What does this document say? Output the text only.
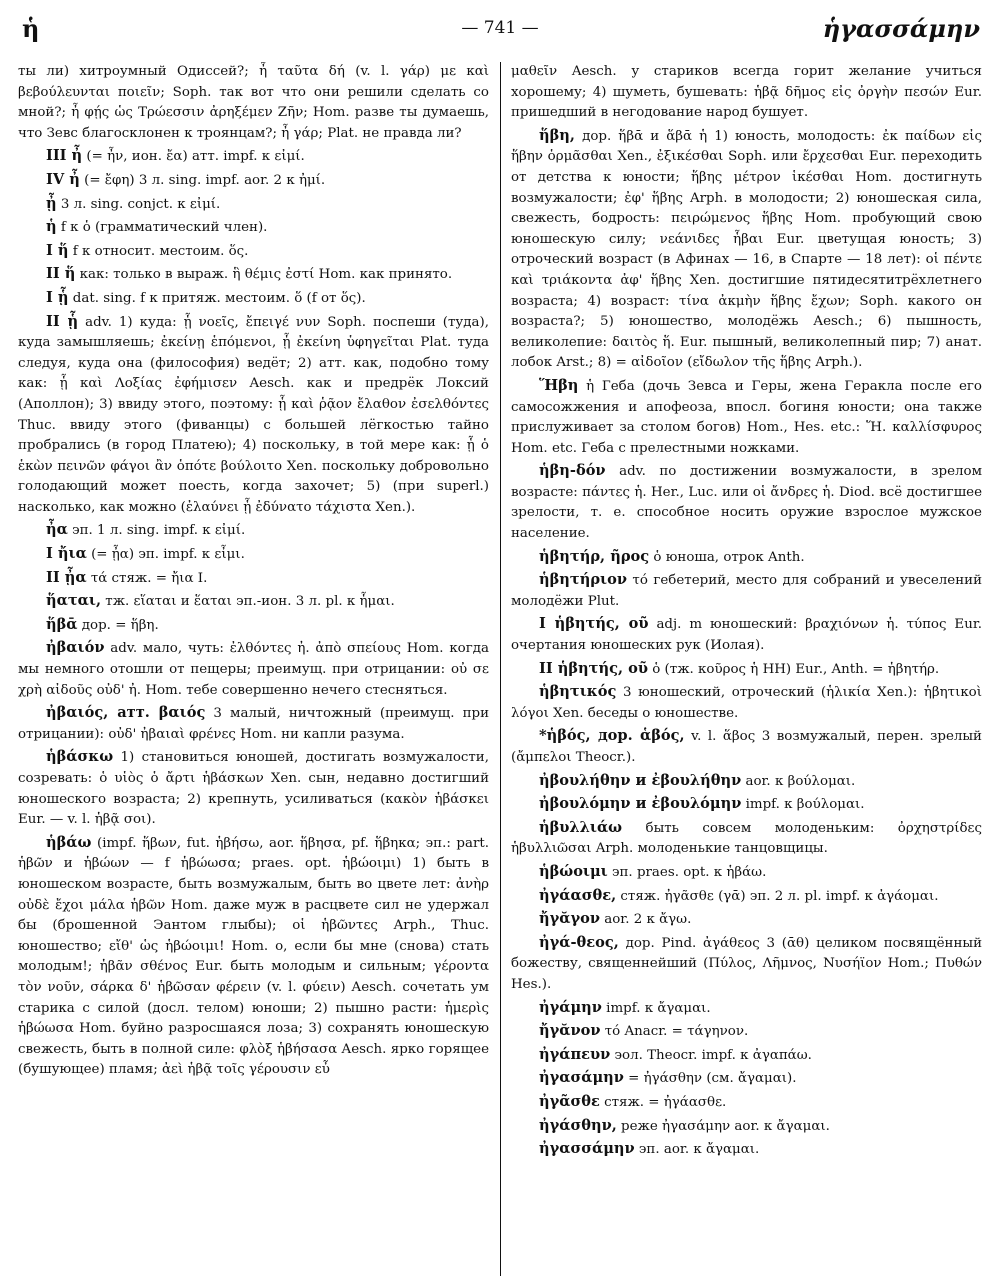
ἡ	— 741 —	ἡγασσάμην

ты ли) хитроумный Одиссей?; ἦ ταῦτα δή (v. l. γάρ) με καὶ βεβούλευνται ποιεῖν; Soph. так вот что они решили сделать со мной?; ἦ φῄς ὡς Τρώεσσιν ἀρηξέμεν Ζῆν; Hom. разве ты думаешь, что Зевс благосклонен к троянцам?; ἦ γάρ; Plat. не правда ли?

III ἦ (= ἦν, ион. ἔα) атт. impf. к εἰμί.

IV ἦ (= ἔφη) 3 л. sing. impf. aor. 2 к ἠμί.

ᾖ 3 л. sing. conjct. к εἰμί.

ἡ f к ὁ (грамматический член).

I ἥ f к относит. местоим. ὅς.

II ἥ как: только в выраж. ἣ θέμις ἐστί Hom. как принято.

I ᾗ dat. sing. f к притяж. местоим. ὅ (f от ὅς).

II ᾗ adv. 1) куда: ᾗ νοεῖς, ἔπειγέ νυν Soph. поспеши (туда), куда замышляешь; ἐκείνῃ ἑπόμενοι, ᾗ ἐκείνη ὑφηγεῖται Plat. туда следуя, куда она (философия) ведёт; 2) атт. как, подобно тому как: ᾗ καὶ Λοξίας ἐφήμισεν Aesch. как и предрёк Локсий (Аполлон); 3) ввиду этого, поэтому: ᾗ καὶ ῥᾷον ἔλαθον ἐσελθόντες Thuc. ввиду этого (фиванцы) с большей лёгкостью тайно пробрались (в город Платею); 4) поскольку, в той мере как: ᾗ ὁ ἑκὼν πεινῶν φάγοι ἂν ὁπότε βούλοιτο Xen. поскольку добровольно голодающий может поесть, когда захочет; 5) (при superl.) насколько, как можно (ἐλαύνει ᾗ ἐδύνατο τάχιστα Xen.).

ἦα эп. 1 л. sing. impf. к εἰμί.

I ἤια (= ᾖα) эп. impf. к εἶμι.

II ᾖα τά стяж. = ἤια I.

ἥαται, тж. εἵαται и ἕαται эп.-ион. 3 л. pl. к ἧμαι.

ἥβᾱ дор. = ἥβη.

ἠβαιόν adv. мало, чуть: ἐλθόντες ἠ. ἀπὸ σπείους Hom. когда мы немного отошли от пещеры; преимущ. при отрицании: οὐ σε χρὴ αἰδοῦς οὐδ' ἠ. Hom. тебе совершенно нечего стесняться.

ἠβαιός, атт. βαιός 3 малый, ничтожный (преимущ. при отрицании): οὐδ' ἠβαιαὶ φρένες Hom. ни капли разума.

ἡβάσκω 1) становиться юношей, достигать возмужалости, созревать: ὁ υἱὸς ὁ ἄρτι ἡβάσκων Xen. сын, недавно достигший юношеского возраста; 2) крепнуть, усиливаться (κακὸν ἡβάσκει Eur. — v. l. ἡβᾷ σοι).

ἡβάω (impf. ἥβων, fut. ἡβήσω, aor. ἥβησα, pf. ἥβηκα; эп.: part. ἡβῶν и ἡβώων — f ἡβώωσα; praes. opt. ἡβώοιμι) 1) быть в юношеском возрасте, быть возмужалым, быть во цвете лет: ἀνὴρ οὐδὲ ἔχοι μάλα ἡβῶν Hom. даже муж в расцвете сил не удержал бы (брошенной Эантом глыбы); οἱ ἡβῶντες Arph., Thuc. юношество; εἴθ' ὡς ἡβώοιμι! Hom. о, если бы мне (снова) стать молодым!; ἡβᾶν σθένος Eur. быть молодым и сильным; γέροντα τὸν νοῦν, σάρκα δ' ἡβῶσαν φέρειν (v. l. φύειν) Aesch. сочетать ум старика с силой (досл. телом) юноши; 2) пышно расти: ἡμερὶς ἡβώωσα Hom. буйно разросшаяся лоза; 3) сохранять юношескую свежесть, быть в полной силе: φλὸξ ἡβήσασα Aesch. ярко горящее (бушующее) пламя; ἀεὶ ἡβᾷ τοῖς γέρουσιν εὖ

μαθεῖν Aesch. у стариков всегда горит желание учиться хорошему; 4) шуметь, бушевать: ἡβᾷ δῆμος εἰς ὀργὴν πεσών Eur. пришедший в негодование народ бушует.

ἥβη, дор. ἥβᾱ и ἅβᾱ ἡ 1) юность, молодость: ἐκ παίδων εἰς ἥβην ὁρμᾶσθαι Xen., ἐξικέσθαι Soph. или ἔρχεσθαι Eur. переходить от детства к юности; ἥβης μέτρον ἱκέσθαι Hom. достигнуть возмужалости; ἐφ' ἥβης Arph. в молодости; 2) юношеская сила, свежесть, бодрость: πειρώμενος ἥβης Hom. пробующий свою юношескую силу; νεάνιδες ἧβαι Eur. цветущая юность; 3) отроческий возраст (в Афинах — 16, в Спарте — 18 лет): οἱ πέντε καὶ τριάκοντα ἀφ' ἥβης Xen. достигшие пятидесятитрёхлетнего возраста; 4) возраст: τίνα ἀκμὴν ἥβης ἔχων; Soph. какого он возраста?; 5) юношество, молодёжь Aesch.; 6) пышность, великолепие: δαιτὸς ἥ. Eur. пышный, великолепный пир; 7) анат. лобок Arst.; 8) = αἰδοῖον (εἴδωλον τῆς ἥβης Arph.).

Ἥβη ἡ Геба (дочь Зевса и Геры, жена Геракла после его самосожжения и апофеоза, впосл. богиня юности; она также прислуживает за столом богов) Hom., Hes. etc.: Ἥ. καλλίσφυρος Hom. etc. Геба с прелестными ножками.

ἡβη-δόν adv. по достижении возмужалости, в зрелом возрасте: πάντες ἡ. Her., Luc. или οἱ ἄνδρες ἡ. Diod. всё достигшее зрелости, т. е. способное носить оружие взрослое мужское население.

ἡβητήρ, ῆρος ὁ юноша, отрок Anth.

ἡβητήριον τό гебетерий, место для собраний и увеселений молодёжи Plut.

I ἡβητής, οῦ adj. m юношеский: βραχιόνων ἡ. τύπος Eur. очертания юношеских рук (Иолая).

II ἡβητής, οῦ ὁ (тж. κοῦρος ἡ HH) Eur., Anth. = ἡβητήρ.

ἡβητικός 3 юношеский, отроческий (ἡλικία Xen.): ἡβητικοὶ λόγοι Xen. беседы о юношестве.

*ἡβός, дор. ἁβός, v. l. ἅβος 3 возмужалый, перен. зрелый (ἄμπελοι Theocr.).

ἠβουλήθην и ἐβουλήθην aor. к βούλομαι.

ἠβουλόμην и ἐβουλόμην impf. к βούλομαι.

ἡβυλλιάω быть совсем молоденьким: ὀρχηστρίδες ἡβυλλιῶσαι Arph. молоденькие танцовщицы.

ἡβώοιμι эп. praes. opt. к ἡβάω.

ἠγάασθε, стяж. ἠγᾶσθε (γᾱ) эп. 2 л. pl. impf. к ἀγάομαι.

ἤγᾰγον aor. 2 к ἄγω.

ἠγά-θεος, дор. Pind. ἀγάθεος 3 (ᾱθ) целиком посвящённый божеству, священнейший (Πύλος, Λῆμνος, Νυσήϊον Hom.; Πυθών Hes.).

ἠγάμην impf. к ἄγαμαι.

ἤγᾰνον τό Anacr. = τάγηνον.

ἠγάπευν эол. Theocr. impf. к ἀγαπάω.

ἠγασάμην = ἠγάσθην (см. ἄγαμαι).

ἠγᾶσθε стяж. = ἠγάασθε.

ἠγάσθην, реже ἠγασάμην aor. к ἄγαμαι.

ἠγασσάμην эп. aor. к ἄγαμαι.
